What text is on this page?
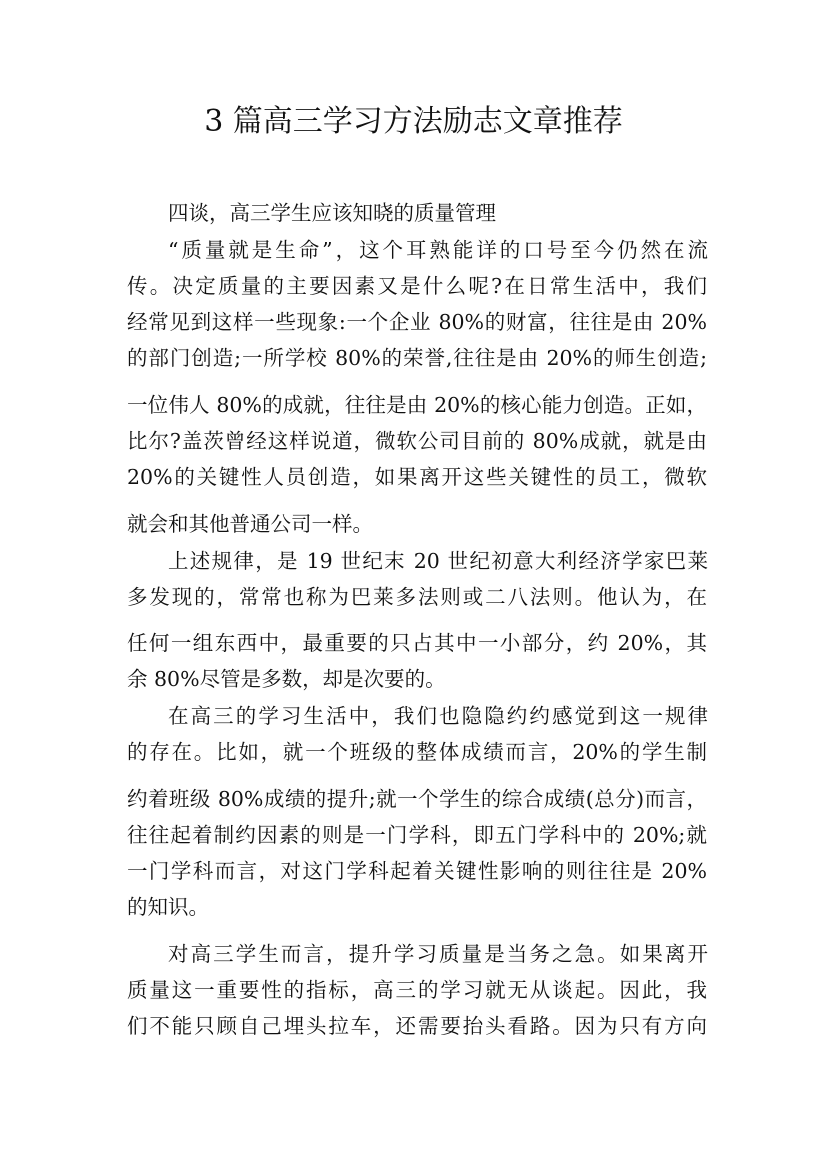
3 篇高三学习方法励志文章推荐
四谈，高三学生应该知晓的质量管理
“质量就是生命”，这个耳熟能详的口号至今仍然在流
传。决定质量的主要因素又是什么呢?在日常生活中，我们
经常见到这样一些现象:一个企业 80%的财富，往往是由 20%
的部门创造;一所学校 80%的荣誉,往往是由 20%的师生创造;
一位伟人 80%的成就，往往是由 20%的核心能力创造。正如，
比尔?盖茨曾经这样说道，微软公司目前的 80%成就，就是由
20%的关键性人员创造，如果离开这些关键性的员工，微软
就会和其他普通公司一样。
上述规律，是 19 世纪末 20 世纪初意大利经济学家巴莱
多发现的，常常也称为巴莱多法则或二八法则。他认为，在
任何一组东西中，最重要的只占其中一小部分，约 20%，其
余 80%尽管是多数，却是次要的。
在高三的学习生活中，我们也隐隐约约感觉到这一规律
的存在。比如，就一个班级的整体成绩而言，20%的学生制
约着班级 80%成绩的提升;就一个学生的综合成绩(总分)而言，
往往起着制约因素的则是一门学科，即五门学科中的 20%;就
一门学科而言，对这门学科起着关键性影响的则往往是 20%
的知识。
对高三学生而言，提升学习质量是当务之急。如果离开
质量这一重要性的指标，高三的学习就无从谈起。因此，我
们不能只顾自己埋头拉车，还需要抬头看路。因为只有方向
